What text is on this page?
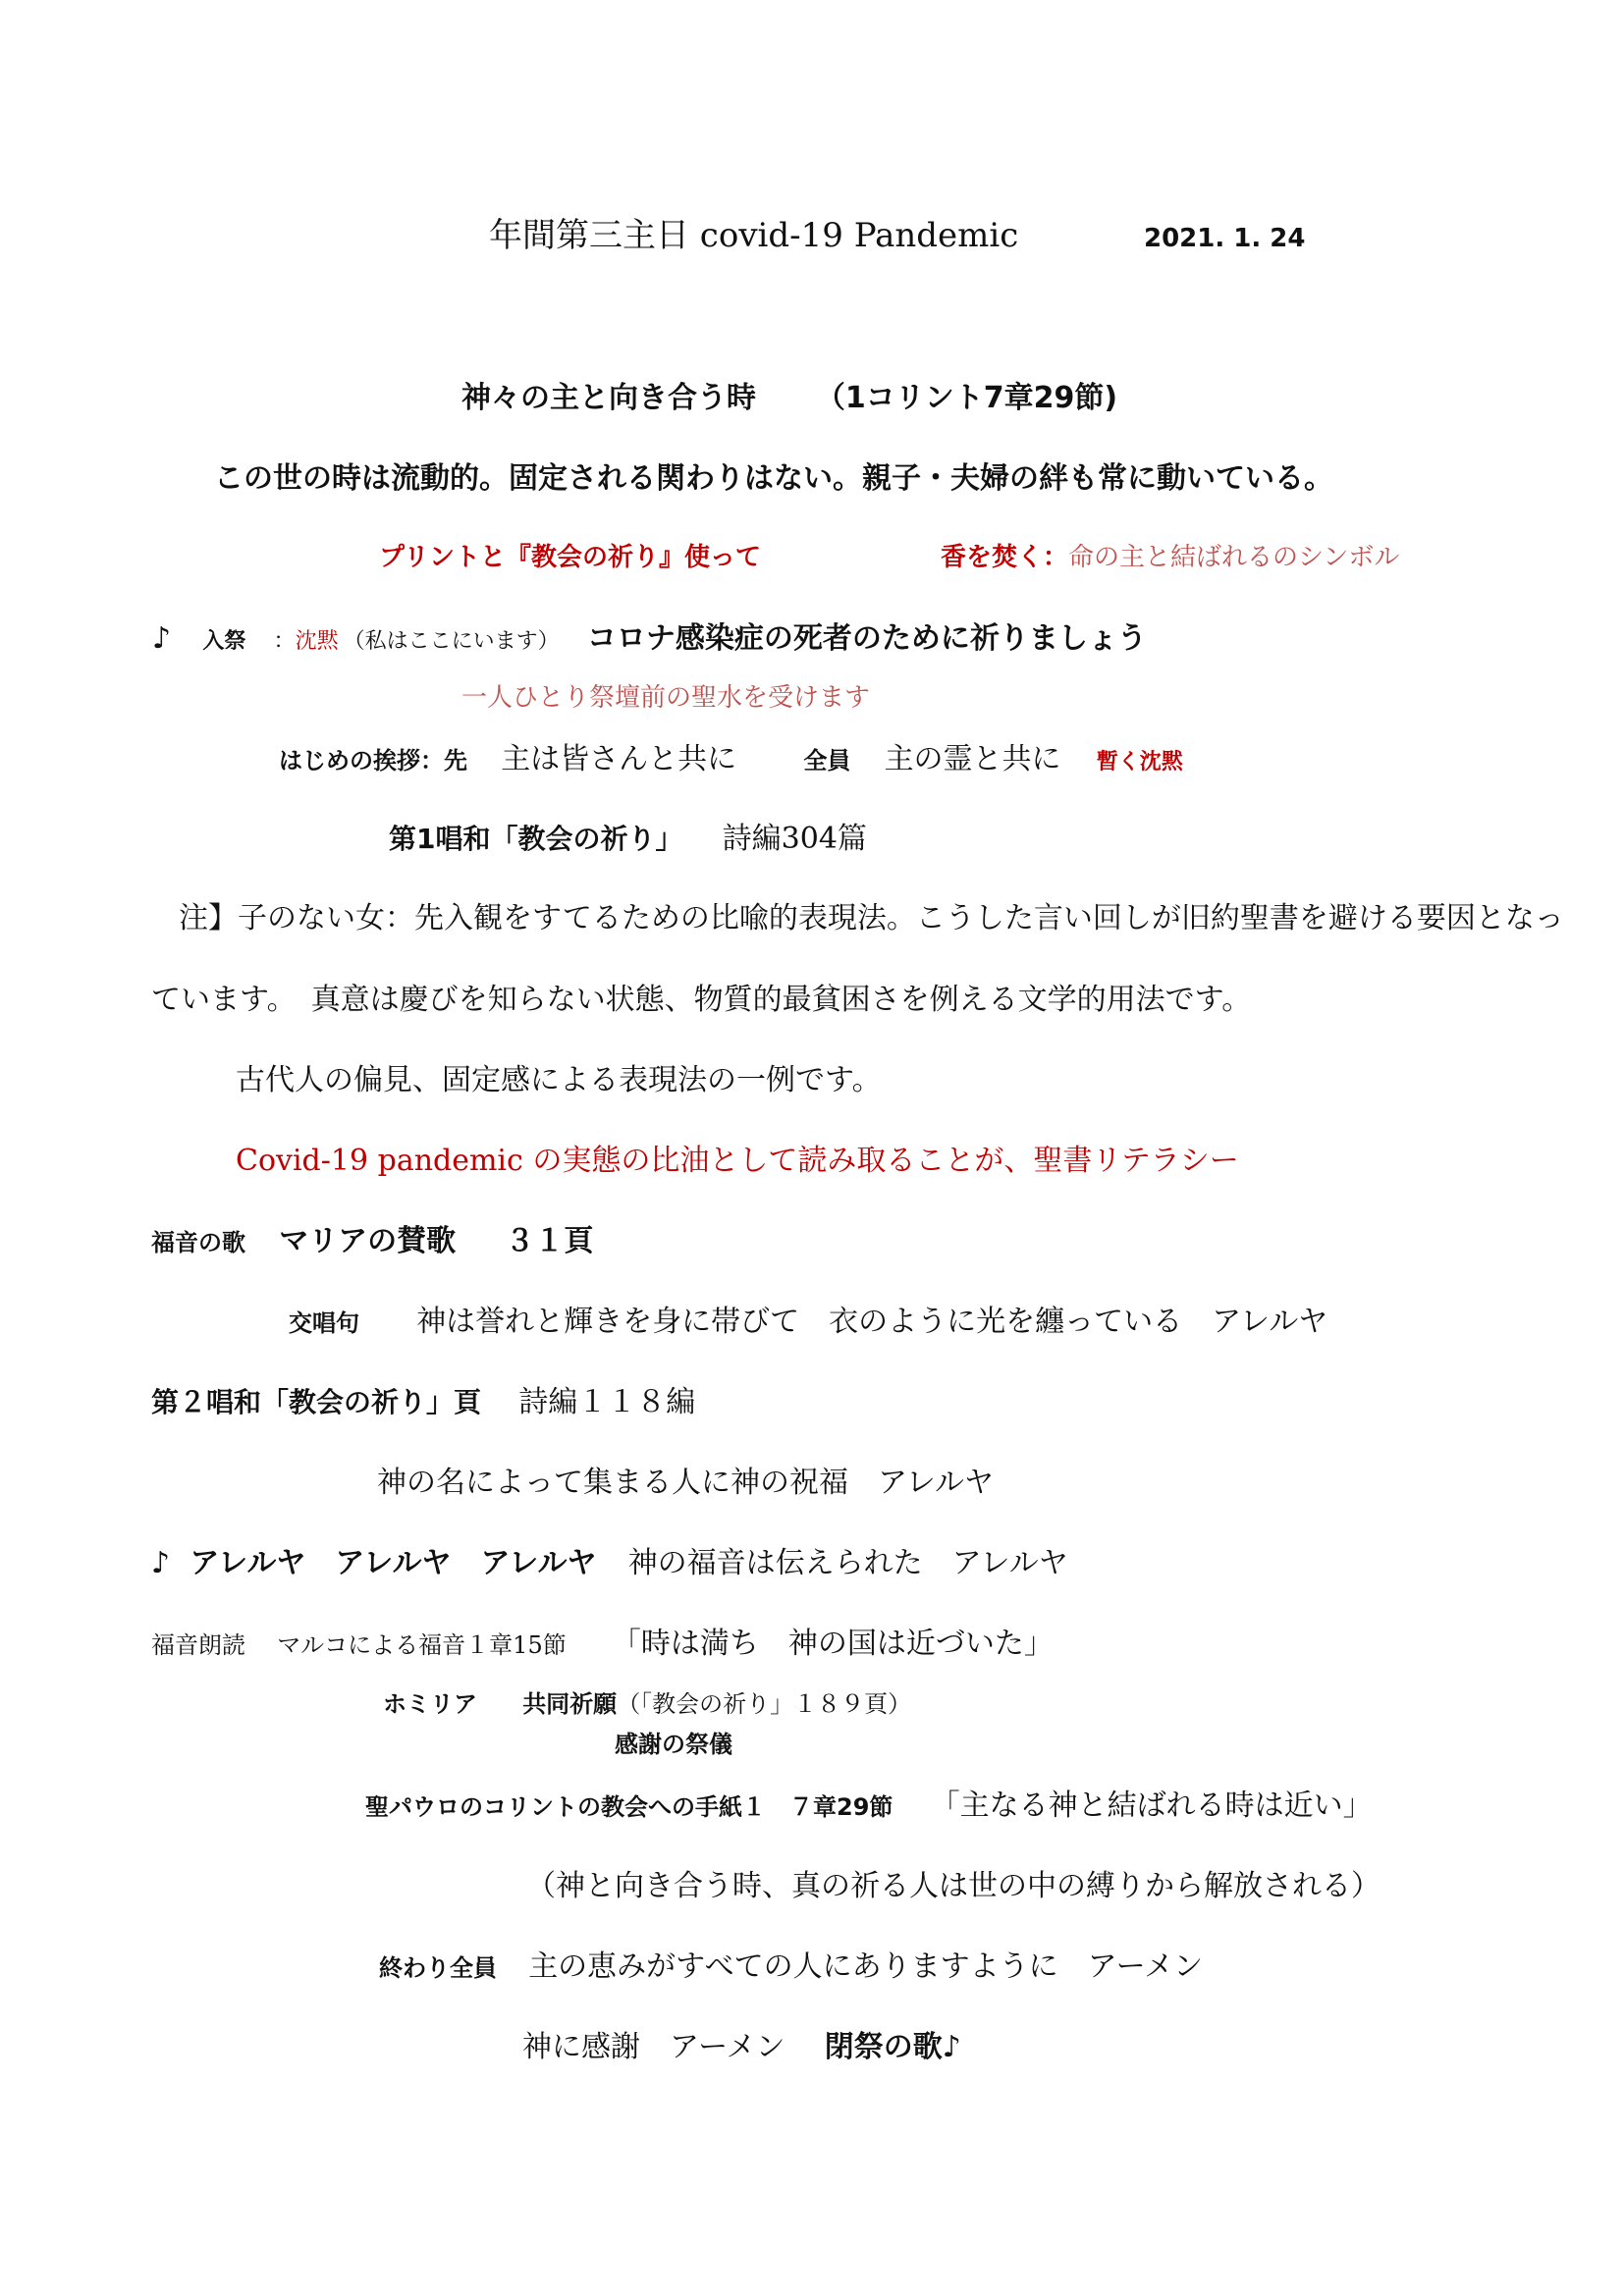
年間第三主日 covid-19 Pandemic	2021. 1. 24
神々の主と向き合う時 （1コリント7章29節)
この世の時は流動的。固定される関わりはない。親子・夫婦の絆も常に動いている。
プリントと『教会の祈り』使って	香を焚く：命の主と結ばれるのシンボル
♪ 入祭 ：沈黙 （私はここにいます） コロナ感染症の死者のために祈りましょう
一人ひとり祭壇前の聖水を受けます
はじめの挨拶：先 主は皆さんと共に	全員 主の霊と共に 暫く沈黙
第1唱和「教会の祈り」 詩編304篇
注】子のない女：先入観をすてるための比喩的表現法。こうした言い回しが旧約聖書を避ける要因となっ
ています。　真意は慶びを知らない状態、物質的最貧困さを例える文学的用法です。
古代人の偏見、固定感による表現法の一例です。
Covid-19 pandemic の実態の比油として読み取ることが、聖書リテラシー
福音の歌 マリアの賛歌 ３１頁
交唱句 神は誉れと輝きを身に帯びて　衣のように光を纏っている　アレルヤ
第２唱和「教会の祈り」頁 詩編１１８編
神の名によって集まる人に神の祝福　アレルヤ
♪ アレルヤ　アレルヤ　アレルヤ 神の福音は伝えられた　アレルヤ
福音朗読 マルコによる福音１章15節 「時は満ち　神の国は近づいた」
ホミリア 共同祈願（「教会の祈り」１８９頁）
感謝の祭儀
聖パウロのコリントの教会への手紙１　７章29節 「主なる神と結ばれる時は近い」
（神と向き合う時、真の祈る人は世の中の縛りから解放される）
終わり全員 主の恵みがすべての人にありますように　アーメン
神に感謝　アーメン 閉祭の歌♪
